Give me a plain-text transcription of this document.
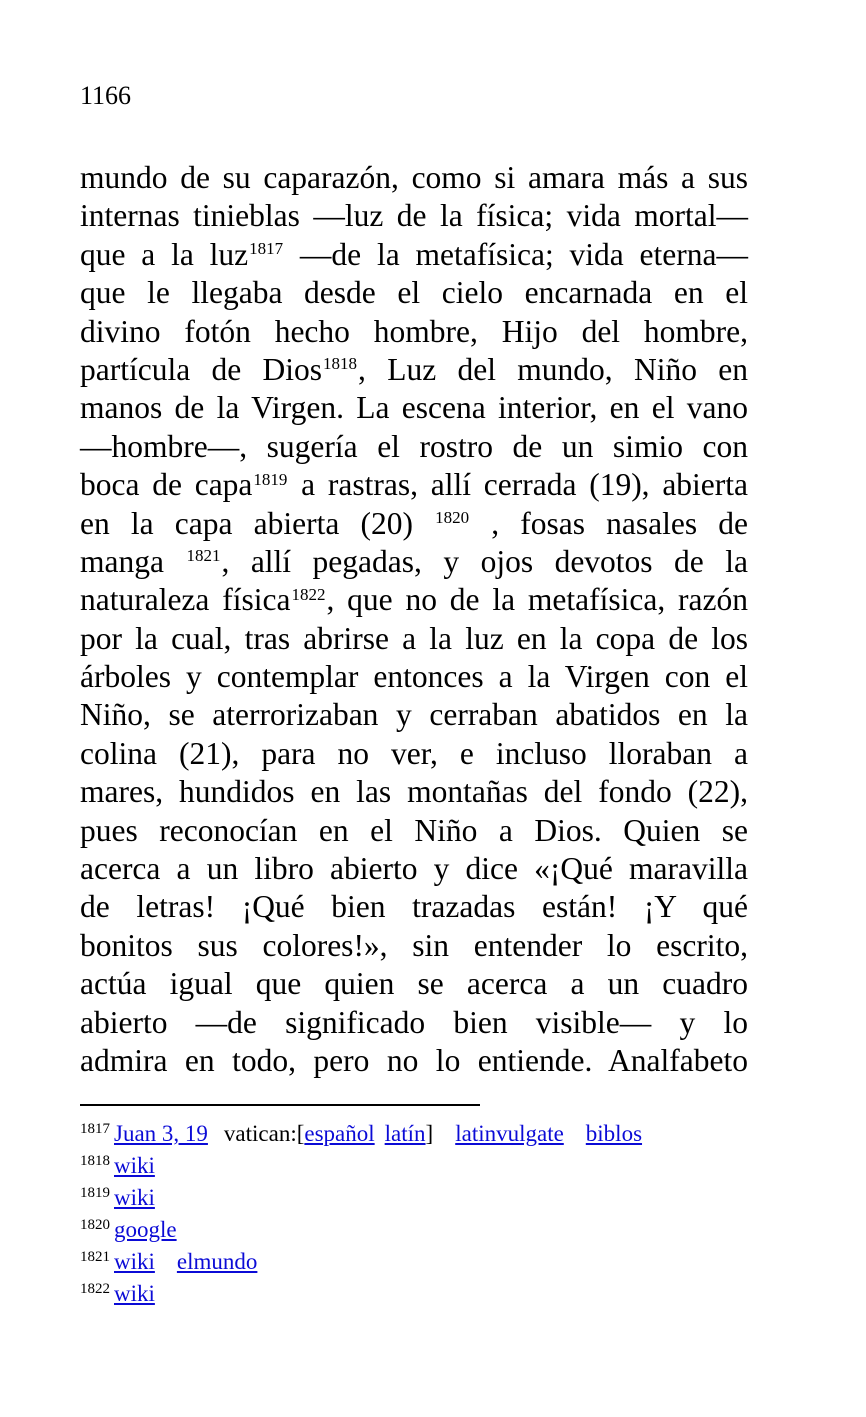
1166
mundo de su caparazón, como si amara más a sus
internas tinieblas —luz de la física; vida mortal—
que a la luz$^{1817}$ —de la metafísica; vida eterna—
que le llegaba desde el cielo encarnada en el
divino fotón hecho hombre, Hijo del hombre,
partícula de Dios$^{1818}$, Luz del mundo, Niño en
manos de la Virgen. La escena interior, en el vano
—hombre—, sugería el rostro de un simio con
boca de capa$^{1819}$ a rastras, allí cerrada (19), abierta
en la capa abierta (20) $^{1820}$ , fosas nasales de
manga $^{1821}$, allí pegadas, y ojos devotos de la
naturaleza física$^{1822}$, que no de la metafísica, razón
por la cual, tras abrirse a la luz en la copa de los
árboles y contemplar entonces a la Virgen con el
Niño, se aterrorizaban y cerraban abatidos en la
colina (21), para no ver, e incluso lloraban a
mares, hundidos en las montañas del fondo (22),
pues reconocían en el Niño a Dios. Quien se
acerca a un libro abierto y dice «¡Qué maravilla
de letras! ¡Qué bien trazadas están! ¡Y qué
bonitos sus colores!», sin entender lo escrito,
actúa igual que quien se acerca a un cuadro
abierto —de significado bien visible— y lo
admira en todo, pero no lo entiende. Analfabeto
$^{1817}$ Juan 3, 19 vatican:[español latín] latinvulgate biblos
$^{1818}$ wiki
$^{1819}$ wiki
$^{1820}$ google
$^{1821}$ wiki elmundo
$^{1822}$ wiki
